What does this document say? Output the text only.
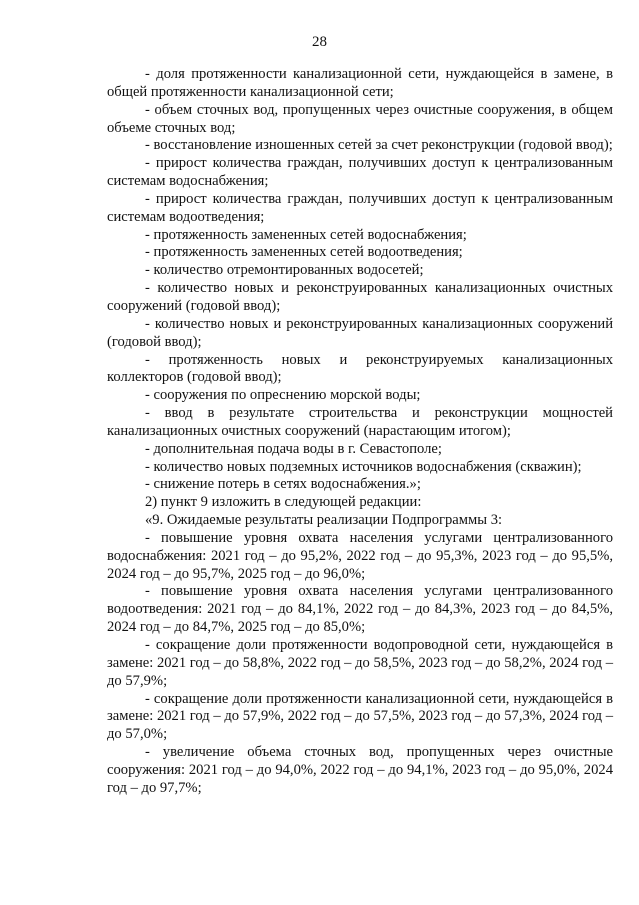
28

- доля протяженности канализационной сети, нуждающейся в замене, в общей протяженности канализационной сети;

- объем сточных вод, пропущенных через очистные сооружения, в общем объеме сточных вод;

- восстановление изношенных сетей за счет реконструкции (годовой ввод);

- прирост количества граждан, получивших доступ к централизованным системам водоснабжения;

- прирост количества граждан, получивших доступ к централизованным системам водоотведения;

- протяженность замененных сетей водоснабжения;

- протяженность замененных сетей водоотведения;

- количество отремонтированных водосетей;

- количество новых и реконструированных канализационных очистных сооружений (годовой ввод);

- количество новых и реконструированных канализационных сооружений (годовой ввод);

- протяженность новых и реконструируемых канализационных коллекторов (годовой ввод);

- сооружения по опреснению морской воды;

- ввод в результате строительства и реконструкции мощностей канализационных очистных сооружений (нарастающим итогом);

- дополнительная подача воды в г. Севастополе;

- количество новых подземных источников водоснабжения (скважин);

- снижение потерь в сетях водоснабжения.»;

2) пункт 9 изложить в следующей редакции:

«9. Ожидаемые результаты реализации Подпрограммы 3:

- повышение уровня охвата населения услугами централизованного водоснабжения: 2021 год – до 95,2%, 2022 год – до 95,3%, 2023 год – до 95,5%, 2024 год – до 95,7%, 2025 год – до 96,0%;

- повышение уровня охвата населения услугами централизованного водоотведения: 2021 год – до 84,1%, 2022 год – до 84,3%, 2023 год – до 84,5%, 2024 год – до 84,7%, 2025 год – до 85,0%;

- сокращение доли протяженности водопроводной сети, нуждающейся в замене: 2021 год – до 58,8%, 2022 год – до 58,5%, 2023 год – до 58,2%, 2024 год – до 57,9%;

- сокращение доли протяженности канализационной сети, нуждающейся в замене: 2021 год – до 57,9%, 2022 год – до 57,5%, 2023 год – до 57,3%, 2024 год – до 57,0%;

- увеличение объема сточных вод, пропущенных через очистные сооружения: 2021 год – до 94,0%, 2022 год – до 94,1%, 2023 год – до 95,0%, 2024 год – до 97,7%;
